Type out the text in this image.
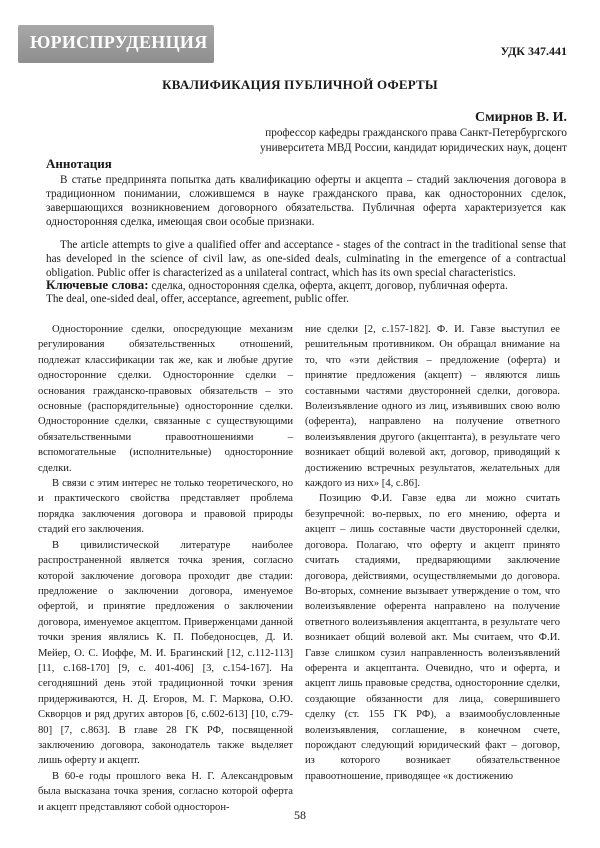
ЮРИСПРУДЕНЦИЯ	УДК 347.441
КВАЛИФИКАЦИЯ ПУБЛИЧНОЙ ОФЕРТЫ
Смирнов В. И.
профессор кафедры гражданского права Санкт-Петербургского университета МВД России, кандидат юридических наук, доцент
Аннотация

В статье предпринята попытка дать квалификацию оферты и акцепта – стадий заключения договора в традиционном понимании, сложившемся в науке гражданского права, как односторонних сделок, завершающихся возникновением договорного обязательства. Публичная оферта характеризуется как односторонняя сделка, имеющая свои особые признаки.

The article attempts to give a qualified offer and acceptance - stages of the contract in the traditional sense that has developed in the science of civil law, as one-sided deals, culminating in the emergence of a contractual obligation. Public offer is characterized as a unilateral contract, which has its own special characteristics.

Ключевые слова: сделка, односторонняя сделка, оферта, акцепт, договор, публичная оферта.
The deal, one-sided deal, offer, acceptance, agreement, public offer.

Односторонние сделки, опосредующие механизм регулирования обязательственных отношений, подлежат классификации так же, как и любые другие односторонние сделки. Односторонние сделки – основания гражданско-правовых обязательств – это основные (распорядительные) односторонние сделки. Односторонние сделки, связанные с существующими обязательственными правоотношениями – вспомогательные (исполнительные) односторонние сделки.

В связи с этим интерес не только теоретического, но и практического свойства представляет проблема порядка заключения договора и правовой природы стадий его заключения.

В цивилистической литературе наиболее распространенной является точка зрения, согласно которой заключение договора проходит две стадии: предложение о заключении договора, именуемое офертой, и принятие предложения о заключении договора, именуемое акцептом. Приверженцами данной точки зрения являлись К. П. Победоносцев, Д. И. Мейер, О. С. Иоффе, М. И. Брагинский [12, с.112-113] [11, с.168-170] [9, с. 401-406] [3, с.154-167]. На сегодняшний день этой традиционной точки зрения придерживаются, Н. Д. Егоров, М. Г. Маркова, О.Ю. Скворцов и ряд других авторов [6, с.602-613] [10, с.79-80] [7, с.863]. В главе 28 ГК РФ, посвященной заключению договора, законодатель также выделяет лишь оферту и акцепт.

В 60-е годы прошлого века Н. Г. Александровым была высказана точка зрения, согласно которой оферта и акцепт представляют собой односторон-

ние сделки [2, с.157-182]. Ф. И. Гавзе выступил ее решительным противником. Он обращал внимание на то, что «эти действия – предложение (оферта) и принятие предложения (акцепт) – являются лишь составными частями двусторонней сделки, договора. Волеизъявление одного из лиц, изъявивших свою волю (оферента), направлено на получение ответного волеизъявления другого (акцептанта), в результате чего возникает общий волевой акт, договор, приводящий к достижению встречных результатов, желательных для каждого из них» [4, с.86].

Позицию Ф.И. Гавзе едва ли можно считать безупречной: во-первых, по его мнению, оферта и акцепт – лишь составные части двусторонней сделки, договора. Полагаю, что оферту и акцепт принято считать стадиями, предваряющими заключение договора, действиями, осуществляемыми до договора. Во-вторых, сомнение вызывает утверждение о том, что волеизъявление оферента направлено на получение ответного волеизъявления акцептанта, в результате чего возникает общий волевой акт. Мы считаем, что Ф.И. Гавзе слишком сузил направленность волеизъявлений оферента и акцептанта. Очевидно, что и оферта, и акцепт лишь правовые средства, односторонние сделки, создающие обязанности для лица, совершившего сделку (ст. 155 ГК РФ), а взаимообусловленные волеизъявления, соглашение, в конечном счете, порождают следующий юридический факт – договор, из которого возникает обязательственное правоотношение, приводящее «к достижению

58
